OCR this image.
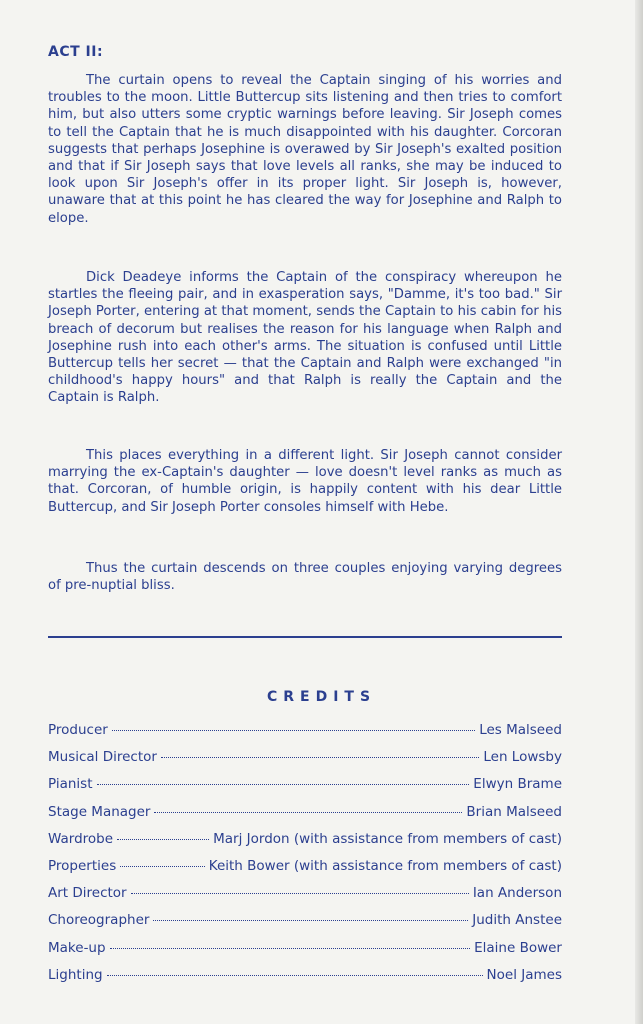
ACT II:

The curtain opens to reveal the Captain singing of his worries and troubles to the moon. Little Buttercup sits listening and then tries to comfort him, but also utters some cryptic warnings before leaving. Sir Joseph comes to tell the Captain that he is much disappointed with his daughter. Corcoran suggests that perhaps Josephine is overawed by Sir Joseph's exalted position and that if Sir Joseph says that love levels all ranks, she may be induced to look upon Sir Joseph's offer in its proper light. Sir Joseph is, however, unaware that at this point he has cleared the way for Josephine and Ralph to elope.

Dick Deadeye informs the Captain of the conspiracy whereupon he startles the fleeing pair, and in exasperation says, "Damme, it's too bad." Sir Joseph Porter, entering at that moment, sends the Captain to his cabin for his breach of decorum but realises the reason for his language when Ralph and Josephine rush into each other's arms. The situation is confused until Little Buttercup tells her secret — that the Captain and Ralph were exchanged "in childhood's happy hours" and that Ralph is really the Captain and the Captain is Ralph.

This places everything in a different light. Sir Joseph cannot consider marrying the ex-Captain's daughter — love doesn't level ranks as much as that. Corcoran, of humble origin, is happily content with his dear Little Buttercup, and Sir Joseph Porter consoles himself with Hebe.

Thus the curtain descends on three couples enjoying varying degrees of pre-nuptial bliss.

CREDITS
Producer	Les Malseed
Musical Director	Len Lowsby
Pianist	Elwyn Brame
Stage Manager	Brian Malseed
Wardrobe	Marj Jordon (with assistance from members of cast)
Properties	Keith Bower (with assistance from members of cast)
Art Director	Ian Anderson
Choreographer	Judith Anstee
Make-up	Elaine Bower
Lighting	Noel James
